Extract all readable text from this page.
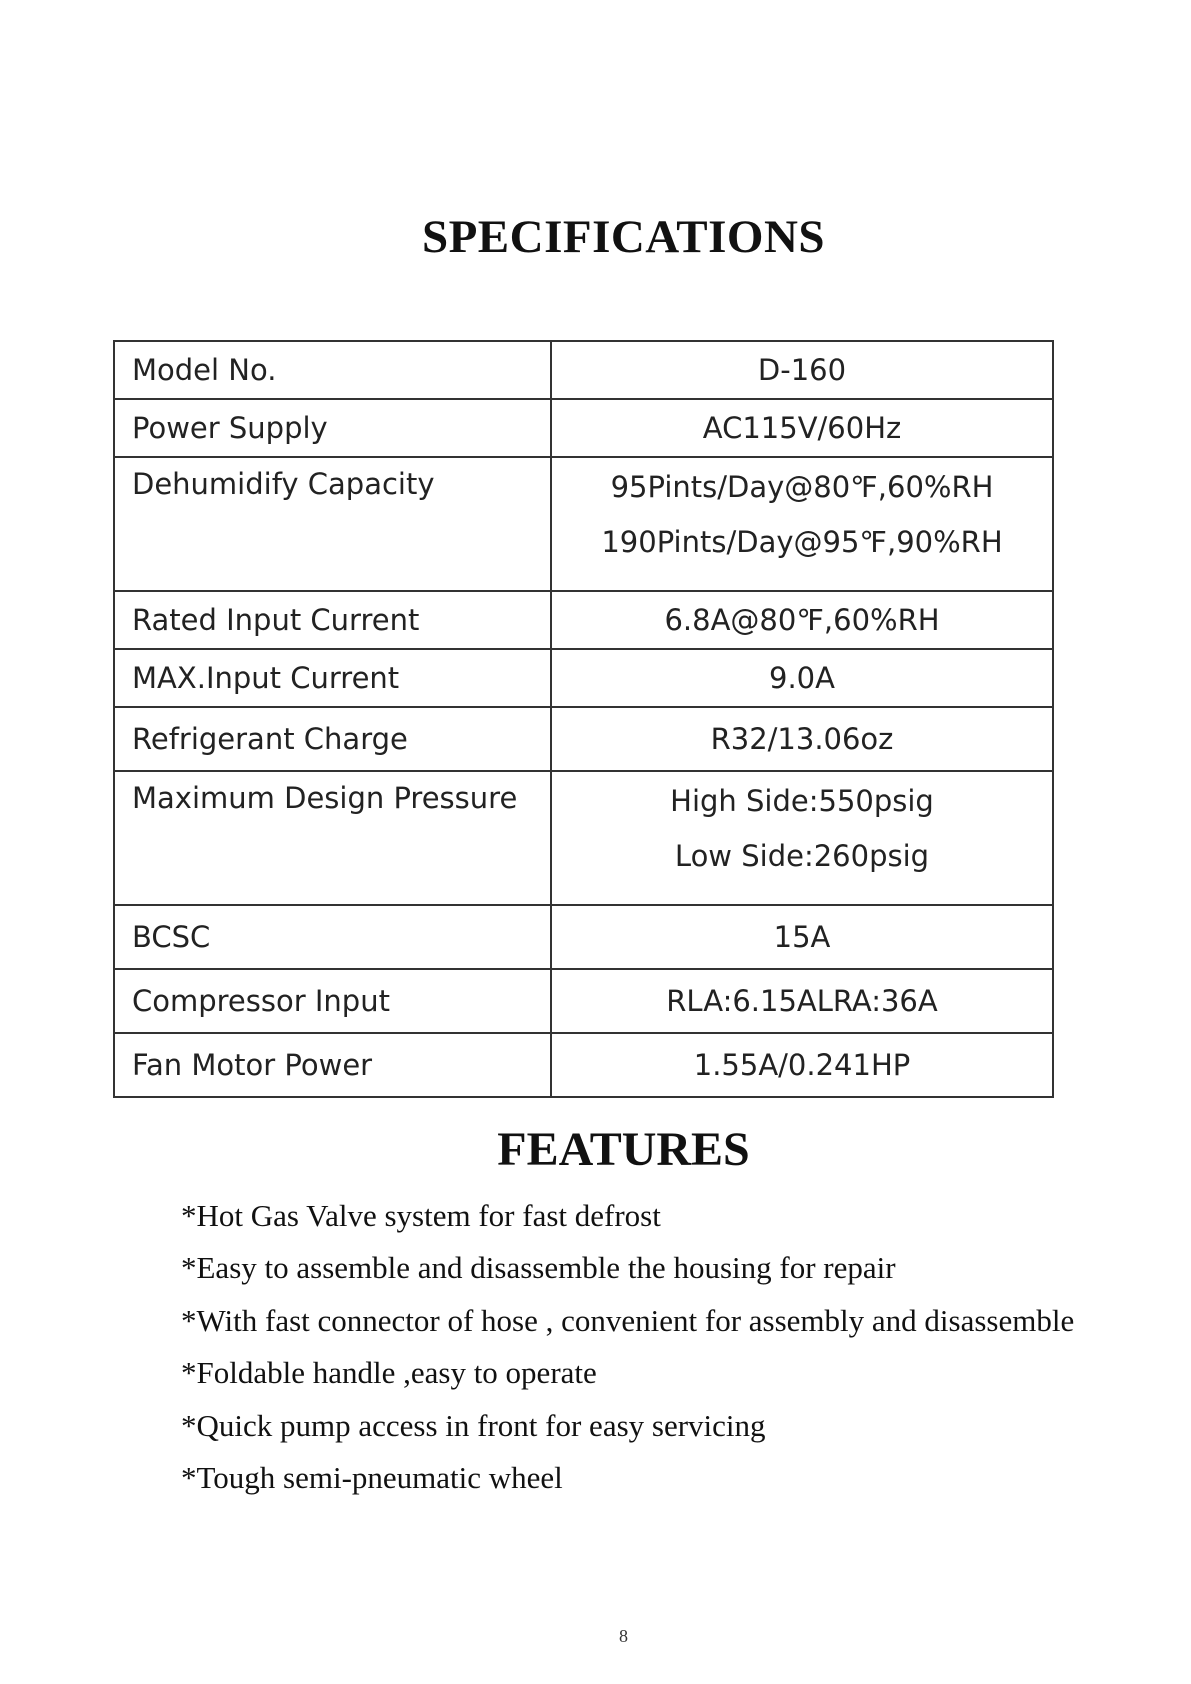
SPECIFICATIONS
Model No.	D-160
Power Supply	AC115V/60Hz
Dehumidify Capacity	95Pints/Day@80℉,60%RH
190Pints/Day@95℉,90%RH

Rated Input Current	6.8A@80℉,60%RH
MAX.Input Current	9.0A
Refrigerant Charge	R32/13.06oz
Maximum Design Pressure	High Side:550psig
Low Side:260psig

BCSC	15A
Compressor Input	RLA:6.15ALRA:36A
Fan Motor Power	1.55A/0.241HP
FEATURES
*Hot Gas Valve system for fast defrost
*Easy to assemble and disassemble the housing for repair
*With fast connector of hose , convenient for assembly and disassemble
*Foldable handle ,easy to operate
*Quick pump access in front for easy servicing
*Tough semi-pneumatic wheel
8
